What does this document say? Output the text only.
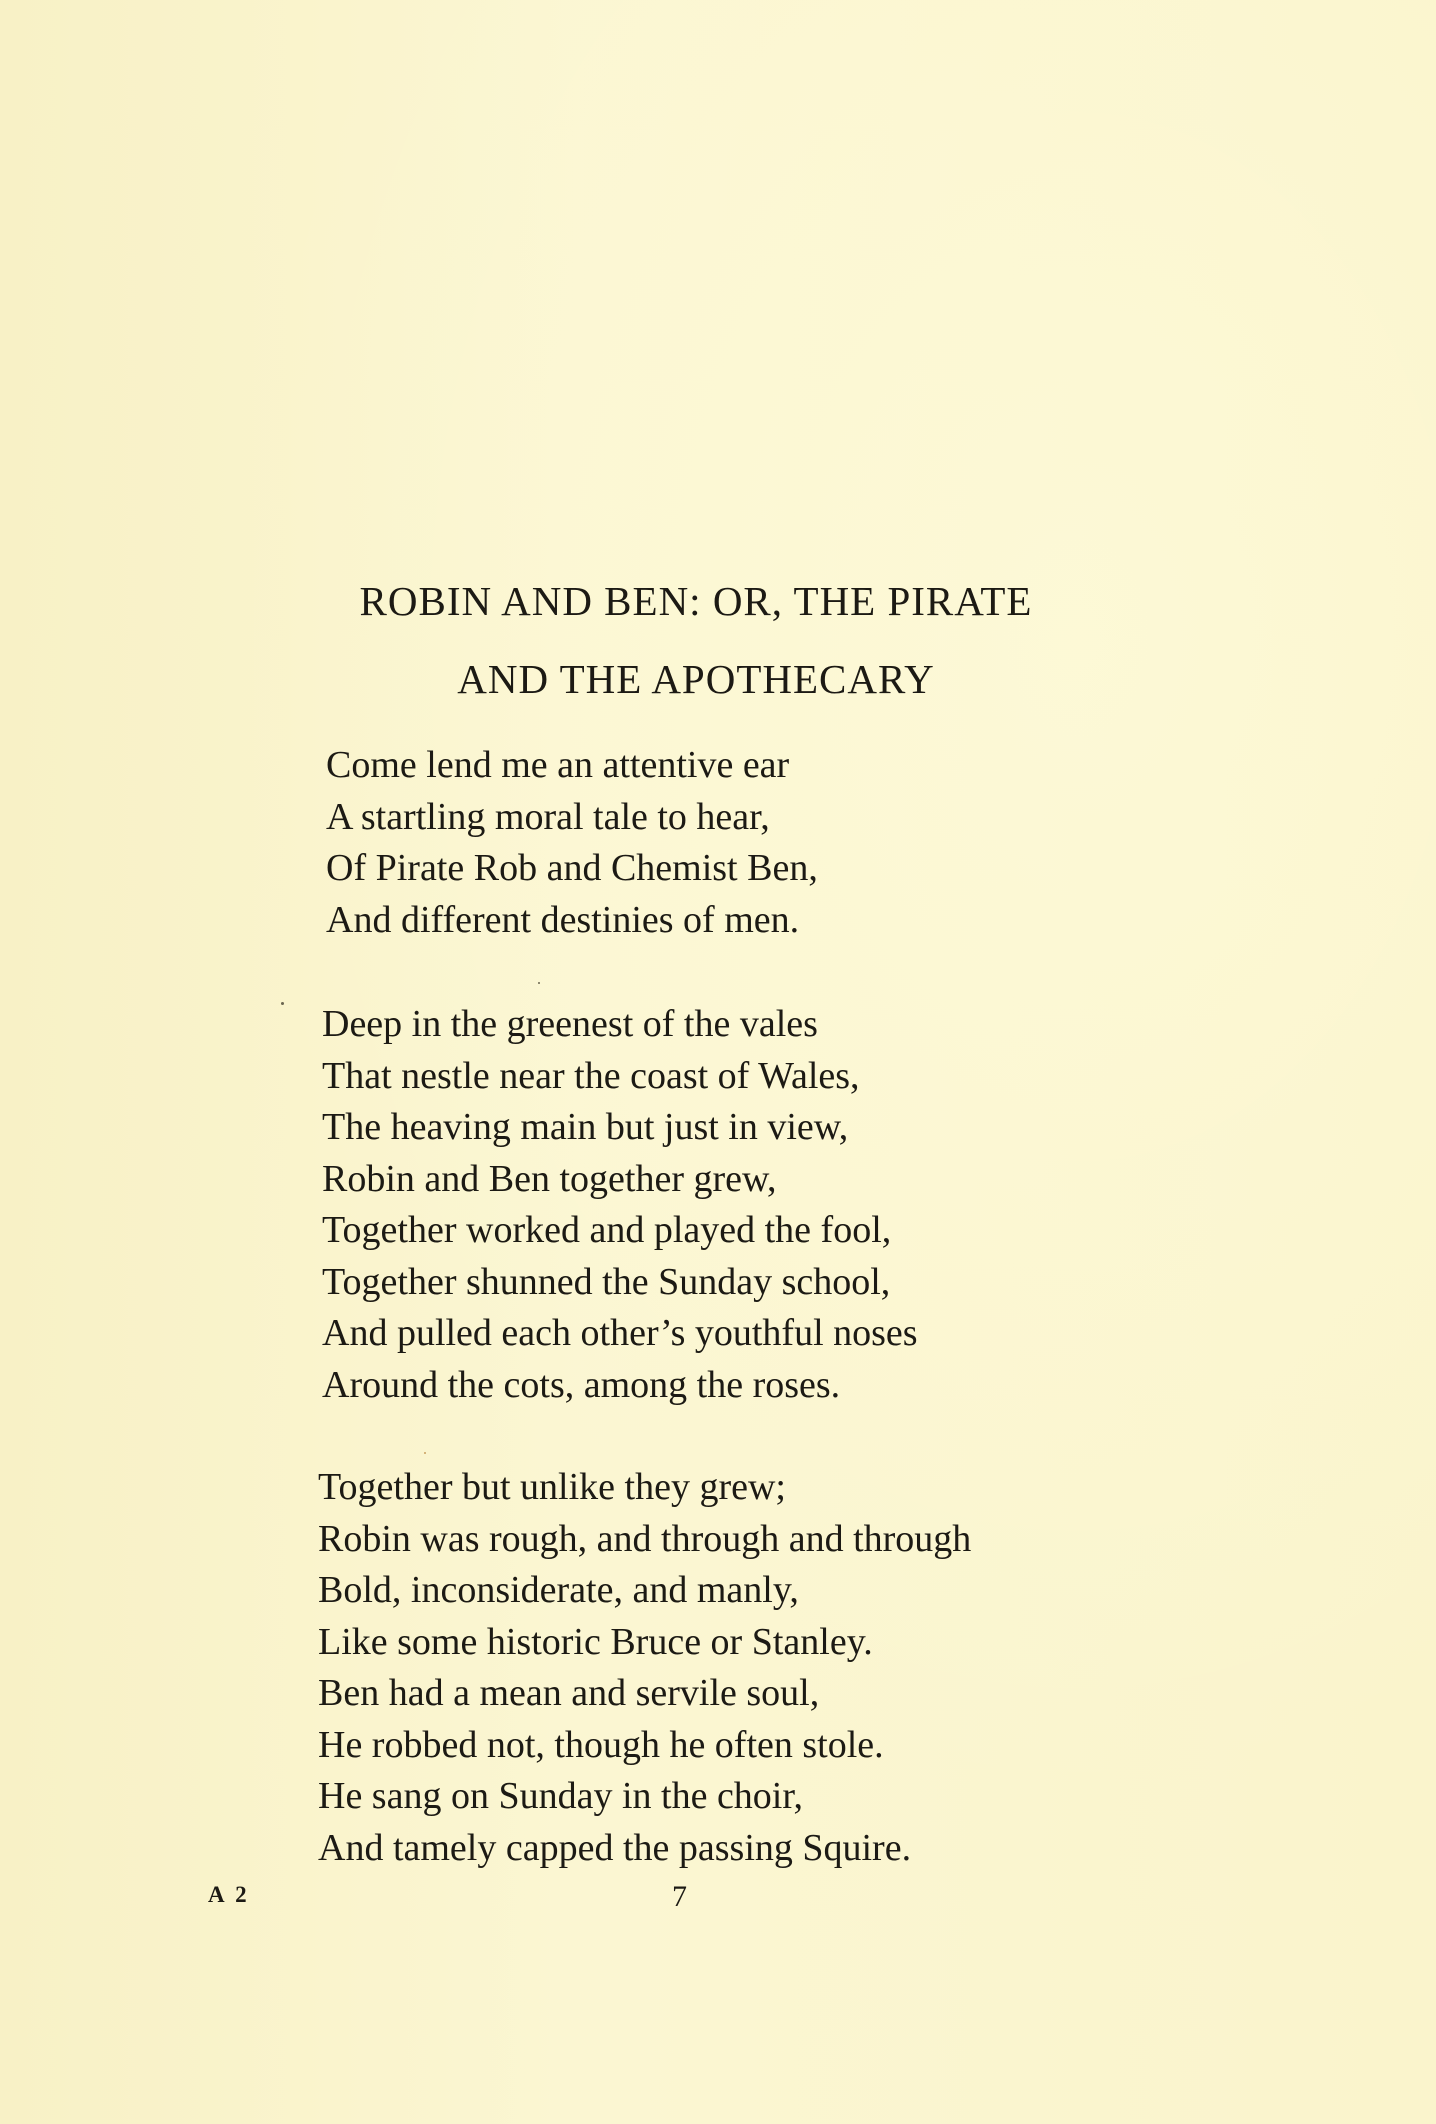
ROBIN AND BEN: OR, THE PIRATE
AND THE APOTHECARY
Come lend me an attentive ear
A startling moral tale to hear,
Of Pirate Rob and Chemist Ben,
And different destinies of men.
Deep in the greenest of the vales
That nestle near the coast of Wales,
The heaving main but just in view,
Robin and Ben together grew,
Together worked and played the fool,
Together shunned the Sunday school,
And pulled each other’s youthful noses
Around the cots, among the roses.
Together but unlike they grew;
Robin was rough, and through and through
Bold, inconsiderate, and manly,
Like some historic Bruce or Stanley.
Ben had a mean and servile soul,
He robbed not, though he often stole.
He sang on Sunday in the choir,
And tamely capped the passing Squire.
A 2	7
